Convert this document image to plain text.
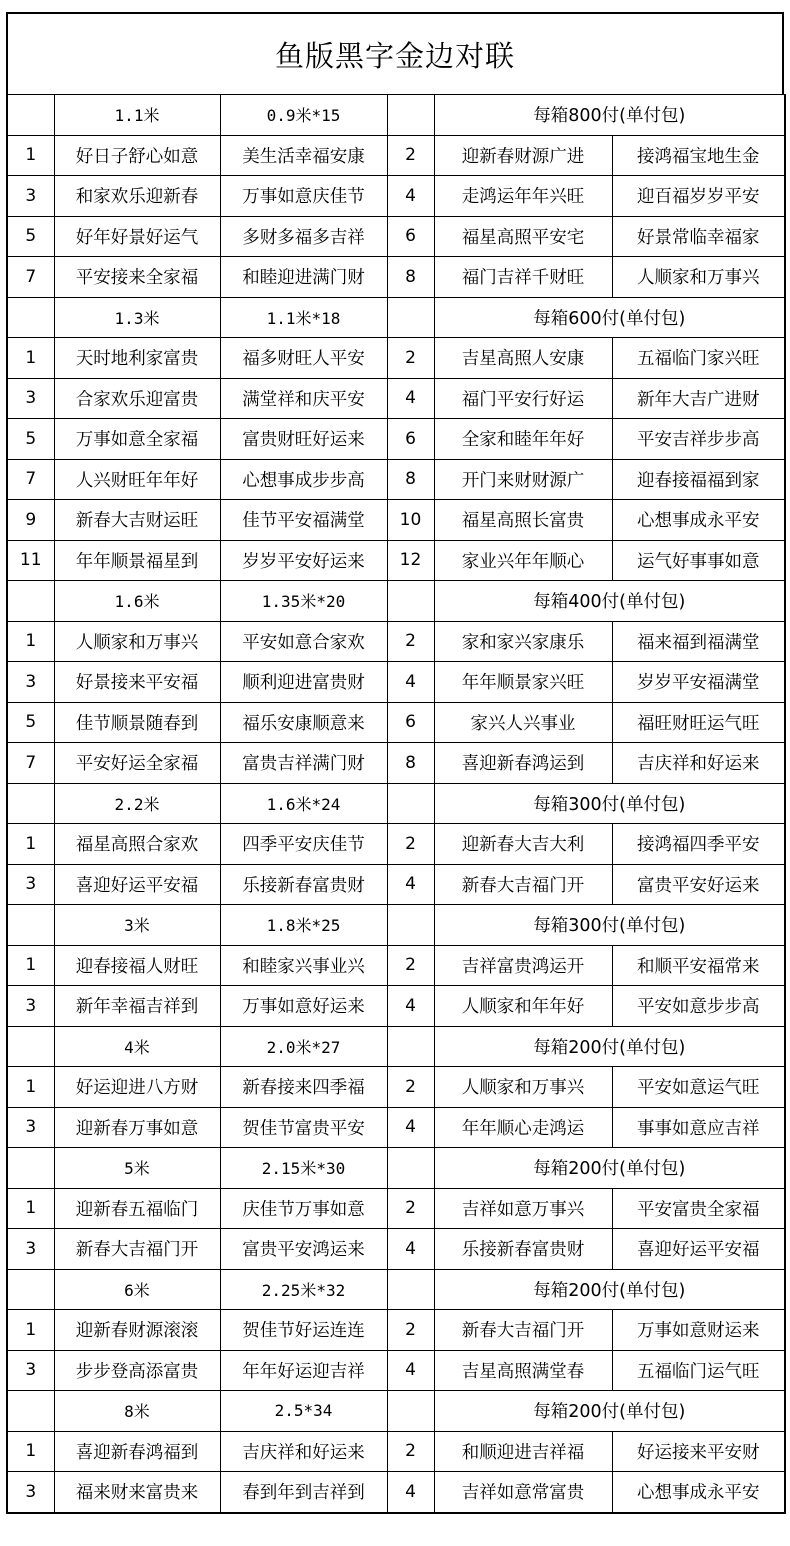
鱼版黑字金边对联
	1.1米	0.9米*15		每箱800付(单付包)	
1	好日子舒心如意	美生活幸福安康	2	迎新春财源广进	接鸿福宝地生金
3	和家欢乐迎新春	万事如意庆佳节	4	走鸿运年年兴旺	迎百福岁岁平安
5	好年好景好运气	多财多福多吉祥	6	福星高照平安宅	好景常临幸福家
7	平安接来全家福	和睦迎进满门财	8	福门吉祥千财旺	人顺家和万事兴
	1.3米	1.1米*18		每箱600付(单付包)	
1	天时地利家富贵	福多财旺人平安	2	吉星高照人安康	五福临门家兴旺
3	合家欢乐迎富贵	满堂祥和庆平安	4	福门平安行好运	新年大吉广进财
5	万事如意全家福	富贵财旺好运来	6	全家和睦年年好	平安吉祥步步高
7	人兴财旺年年好	心想事成步步高	8	开门来财财源广	迎春接福福到家
9	新春大吉财运旺	佳节平安福满堂	10	福星高照长富贵	心想事成永平安
11	年年顺景福星到	岁岁平安好运来	12	家业兴年年顺心	运气好事事如意
	1.6米	1.35米*20		每箱400付(单付包)	
1	人顺家和万事兴	平安如意合家欢	2	家和家兴家康乐	福来福到福满堂
3	好景接来平安福	顺利迎进富贵财	4	年年顺景家兴旺	岁岁平安福满堂
5	佳节顺景随春到	福乐安康顺意来	6	家兴人兴事业	福旺财旺运气旺
7	平安好运全家福	富贵吉祥满门财	8	喜迎新春鸿运到	吉庆祥和好运来
	2.2米	1.6米*24		每箱300付(单付包)	
1	福星高照合家欢	四季平安庆佳节	2	迎新春大吉大利	接鸿福四季平安
3	喜迎好运平安福	乐接新春富贵财	4	新春大吉福门开	富贵平安好运来
	3米	1.8米*25		每箱300付(单付包)	
1	迎春接福人财旺	和睦家兴事业兴	2	吉祥富贵鸿运开	和顺平安福常来
3	新年幸福吉祥到	万事如意好运来	4	人顺家和年年好	平安如意步步高
	4米	2.0米*27		每箱200付(单付包)	
1	好运迎进八方财	新春接来四季福	2	人顺家和万事兴	平安如意运气旺
3	迎新春万事如意	贺佳节富贵平安	4	年年顺心走鸿运	事事如意应吉祥
	5米	2.15米*30		每箱200付(单付包)	
1	迎新春五福临门	庆佳节万事如意	2	吉祥如意万事兴	平安富贵全家福
3	新春大吉福门开	富贵平安鸿运来	4	乐接新春富贵财	喜迎好运平安福
	6米	2.25米*32		每箱200付(单付包)	
1	迎新春财源滚滚	贺佳节好运连连	2	新春大吉福门开	万事如意财运来
3	步步登高添富贵	年年好运迎吉祥	4	吉星高照满堂春	五福临门运气旺
	8米	2.5*34		每箱200付(单付包)	
1	喜迎新春鸿福到	吉庆祥和好运来	2	和顺迎进吉祥福	好运接来平安财
3	福来财来富贵来	春到年到吉祥到	4	吉祥如意常富贵	心想事成永平安
